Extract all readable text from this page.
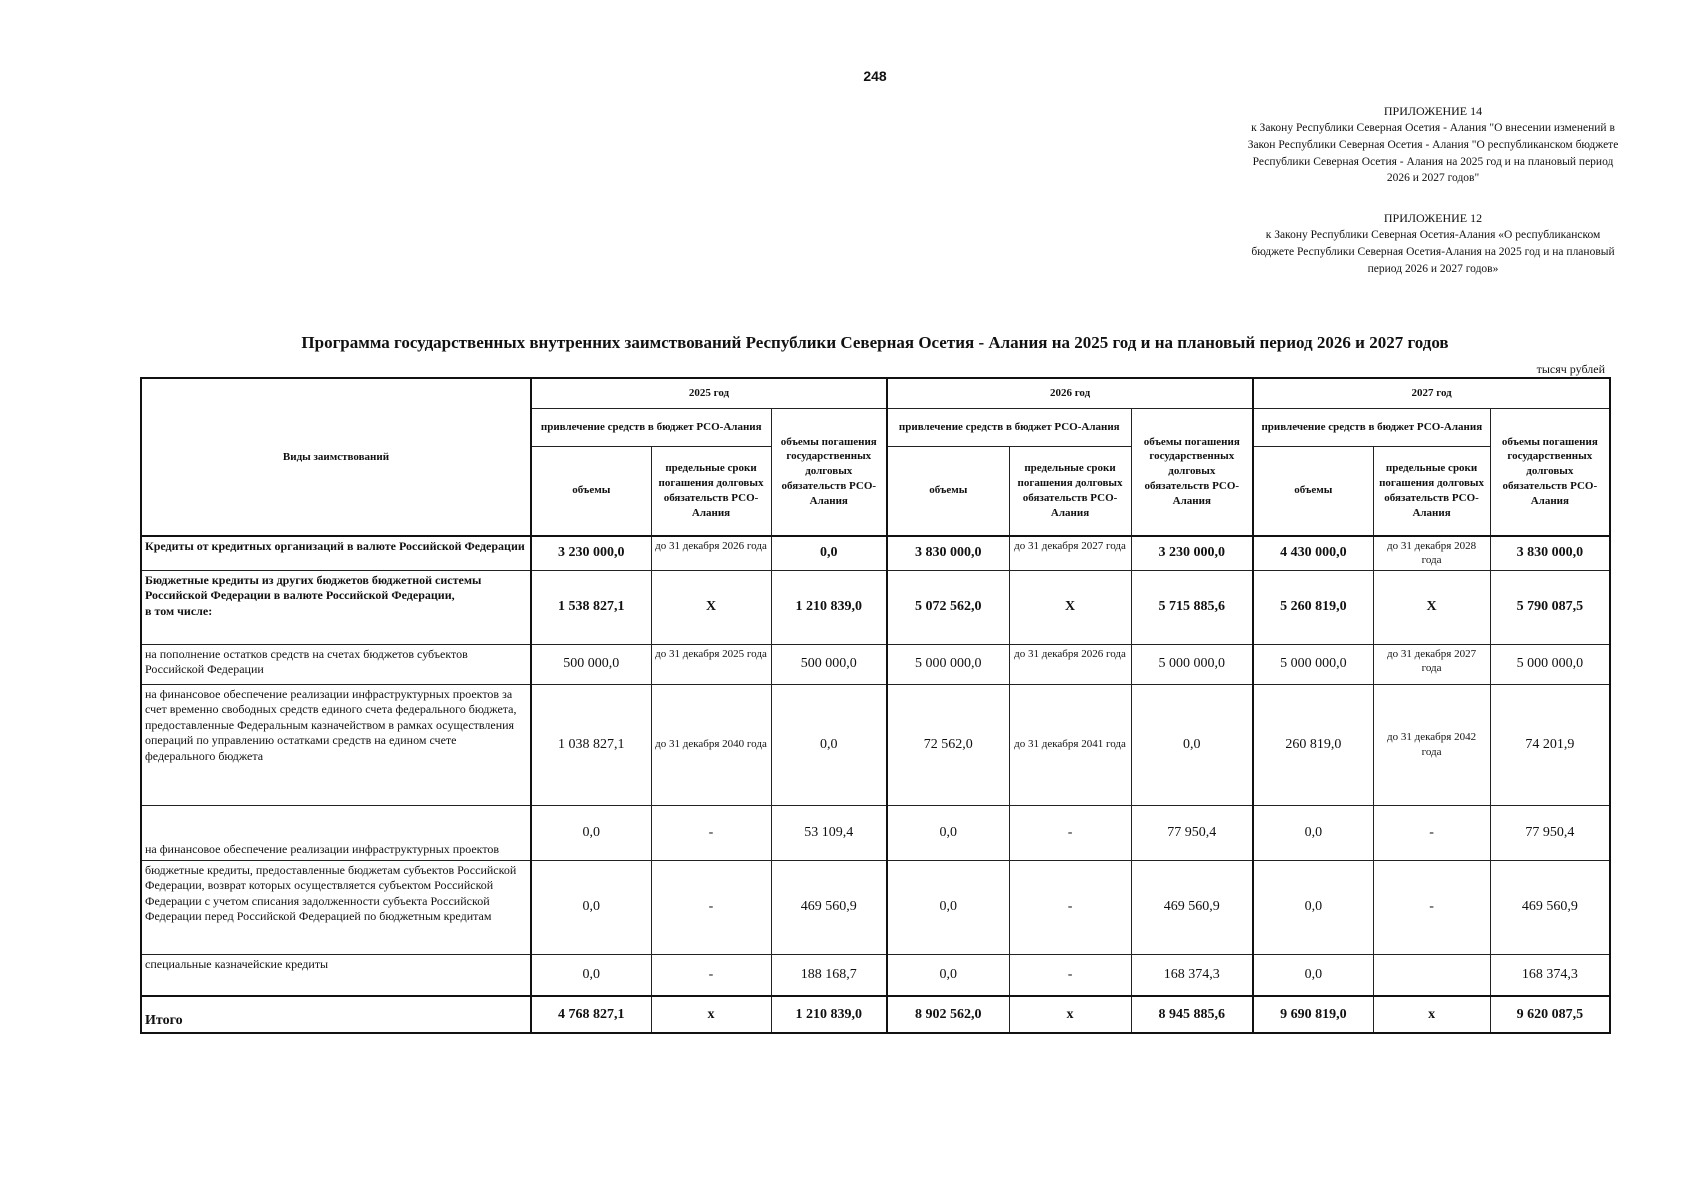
248
ПРИЛОЖЕНИЕ 14
к Закону Республики Северная Осетия - Алания "О внесении изменений в Закон Республики Северная Осетия - Алания "О республиканском бюджете Республики Северная Осетия - Алания на 2025 год и на плановый период 2026 и 2027 годов"
ПРИЛОЖЕНИЕ 12
к Закону Республики Северная Осетия-Алания «О республиканском бюджете Республики Северная Осетия-Алания на 2025 год и на плановый период 2026 и 2027 годов»
Программа государственных внутренних заимствований Республики Северная Осетия - Алания на 2025 год и на плановый период 2026 и 2027 годов
тысяч рублей
Виды заимствований	2025 год			2026 год			2027 год		
	привлечение средств в бюджет РСО-Алания		объемы погашения государственных долговых обязательств РСО-Алания	привлечение средств в бюджет РСО-Алания		объемы погашения государственных долговых обязательств РСО-Алания	привлечение средств в бюджет РСО-Алания		объемы погашения государственных долговых обязательств РСО-Алания
	объемы	предельные сроки погашения долговых обязательств РСО-Алания		объемы	предельные сроки погашения долговых обязательств РСО-Алания		объемы	предельные сроки погашения долговых обязательств РСО-Алания	
Кредиты от кредитных организаций в валюте Российской Федерации	3 230 000,0	до 31 декабря 2026 года	0,0	3 830 000,0	до 31 декабря 2027 года	3 230 000,0	4 430 000,0	до 31 декабря 2028 года	3 830 000,0
Бюджетные кредиты из других бюджетов бюджетной системы Российской Федерации в валюте Российской Федерации,
в том числе:	1 538 827,1	Х	1 210 839,0	5 072 562,0	Х	5 715 885,6	5 260 819,0	Х	5 790 087,5
на пополнение остатков средств на счетах бюджетов субъектов Российской Федерации	500 000,0	до 31 декабря 2025 года	500 000,0	5 000 000,0	до 31 декабря 2026 года	5 000 000,0	5 000 000,0	до 31 декабря 2027 года	5 000 000,0
на финансовое обеспечение реализации инфраструктурных проектов за счет временно свободных средств единого счета федерального бюджета, предоставленные Федеральным казначейством в рамках осуществления операций по управлению остатками средств на едином счете федерального бюджета	1 038 827,1	до 31 декабря 2040 года	0,0	72 562,0	до 31 декабря 2041 года	0,0	260 819,0	до 31 декабря 2042 года	74 201,9
на финансовое обеспечение реализации инфраструктурных проектов	0,0	-	53 109,4	0,0	-	77 950,4	0,0	-	77 950,4
бюджетные кредиты, предоставленные бюджетам субъектов Российской Федерации, возврат которых осуществляется субъектом Российской Федерации с учетом списания задолженности субъекта Российской Федерации перед Российской Федерацией по бюджетным кредитам	0,0	-	469 560,9	0,0	-	469 560,9	0,0	-	469 560,9
специальные казначейские кредиты	0,0	-	188 168,7	0,0	-	168 374,3	0,0		168 374,3
Итого	4 768 827,1	х	1 210 839,0	8 902 562,0	х	8 945 885,6	9 690 819,0	х	9 620 087,5
